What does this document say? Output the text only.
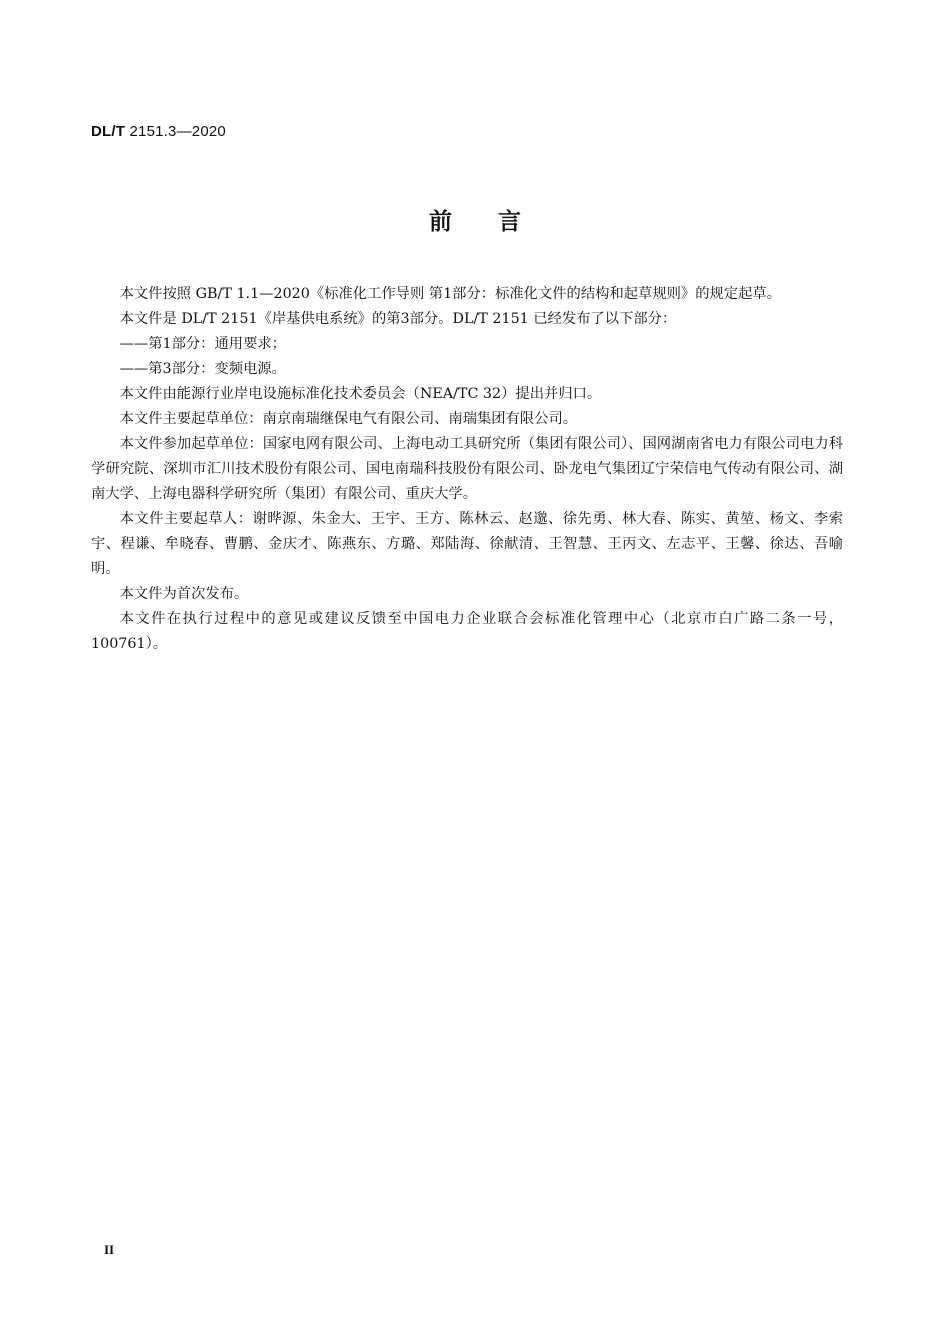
DL/T 2151.3—2020
前言

本文件按照 GB/T 1.1—2020《标准化工作导则 第1部分：标准化文件的结构和起草规则》的规定起草。

本文件是 DL/T 2151《岸基供电系统》的第3部分。DL/T 2151 已经发布了以下部分：

——第1部分：通用要求；

——第3部分：变频电源。

本文件由能源行业岸电设施标准化技术委员会（NEA/TC 32）提出并归口。

本文件主要起草单位：南京南瑞继保电气有限公司、南瑞集团有限公司。

本文件参加起草单位：国家电网有限公司、上海电动工具研究所（集团有限公司）、国网湖南省电力有限公司电力科学研究院、深圳市汇川技术股份有限公司、国电南瑞科技股份有限公司、卧龙电气集团辽宁荣信电气传动有限公司、湖南大学、上海电器科学研究所（集团）有限公司、重庆大学。

本文件主要起草人：谢晔源、朱金大、王宇、王方、陈林云、赵邈、徐先勇、林大春、陈实、黄堃、杨文、李索宇、程谦、牟晓春、曹鹏、金庆才、陈燕东、方璐、郑陆海、徐献清、王智慧、王丙文、左志平、王馨、徐达、吾喻明。

本文件为首次发布。

本文件在执行过程中的意见或建议反馈至中国电力企业联合会标准化管理中心（北京市白广路二条一号，100761）。

II
